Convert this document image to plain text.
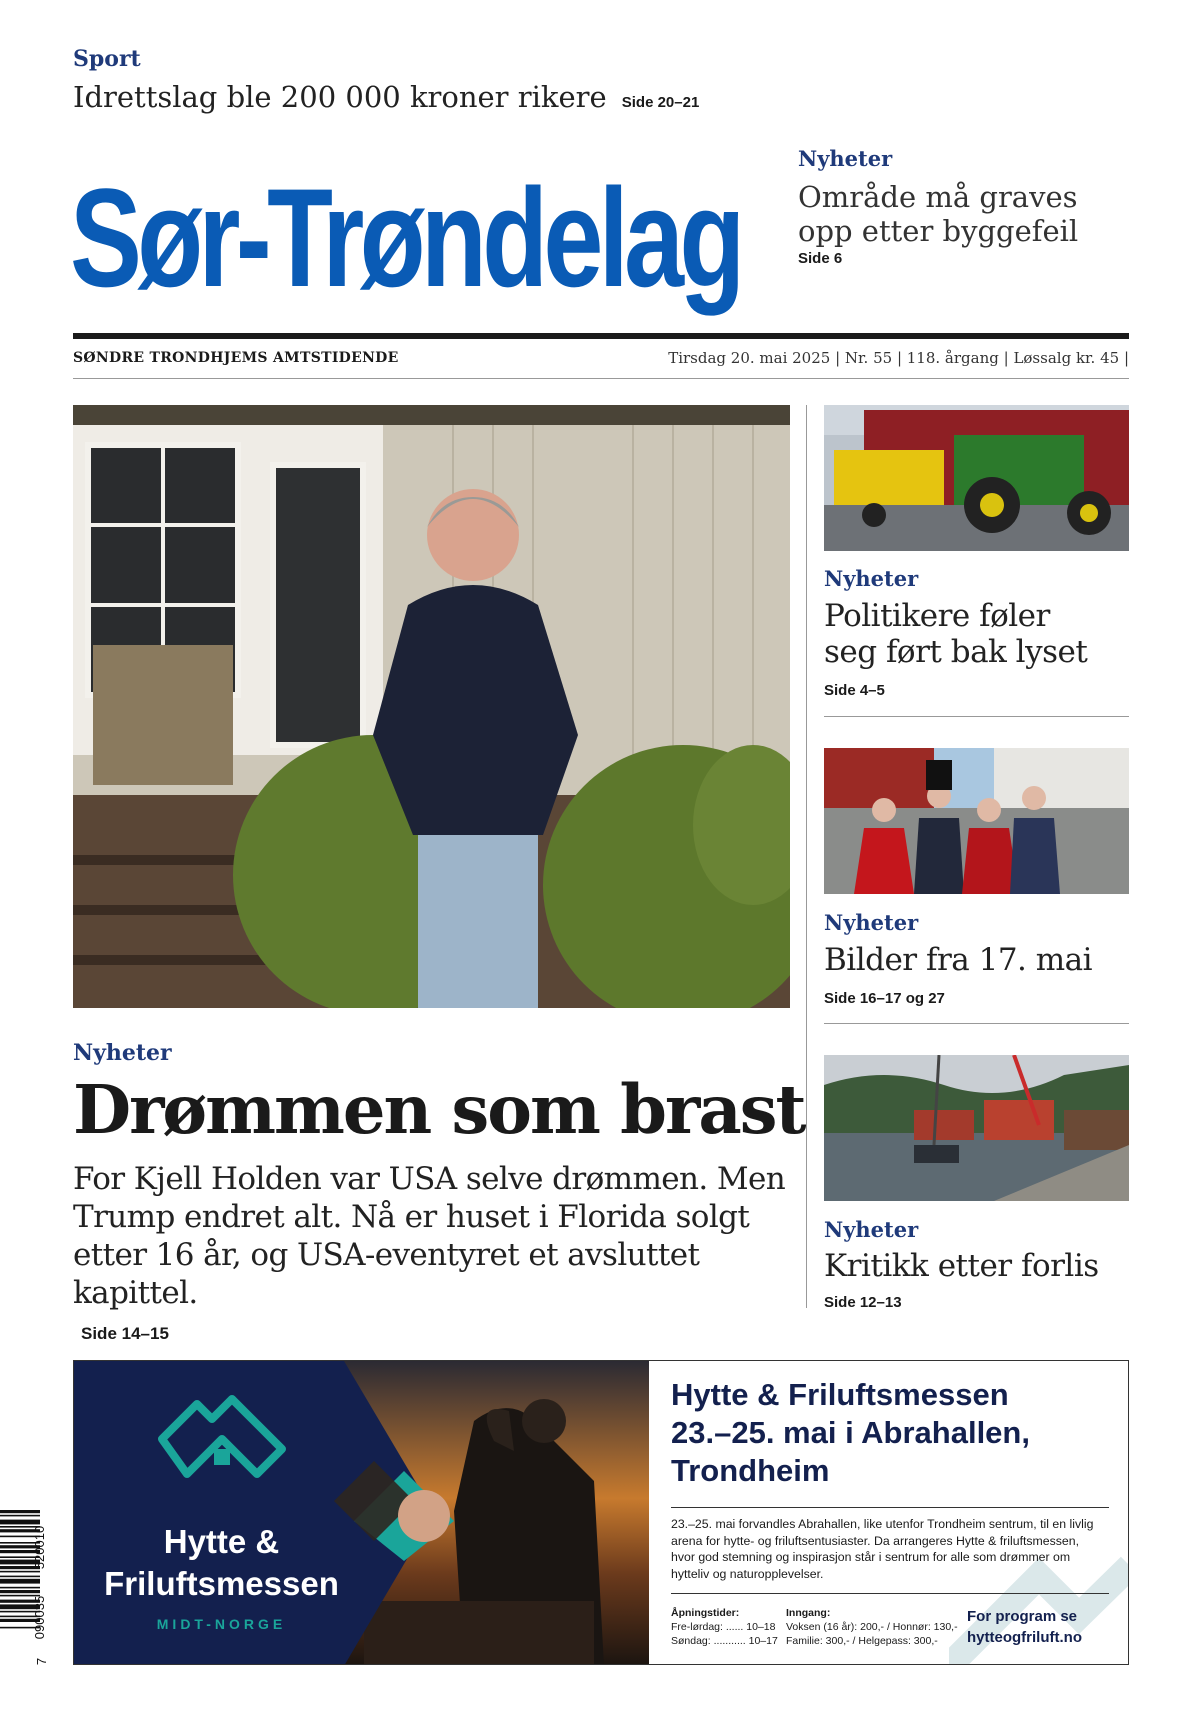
Sport
Idrettslag ble 200 000 kroner rikere Side 20–21
Sør-Trøndelag
Nyheter
Område må graves
opp etter byggefeil
Side 6
SØNDRE TRONDHJEMS AMTSTIDENDE	Tirsdag 20. mai 2025 | Nr. 55 | 118. årgang | Løssalg kr. 45 |
Nyheter
Drømmen som brast
For Kjell Holden var USA selve drømmen. Men Trump endret alt. Nå er huset i Florida solgt etter 16 år, og USA-eventyret et avsluttet kapittel.
Side 14–15
Nyheter
Politikere føler
seg ført bak lyset
Side 4–5
Nyheter
Bilder fra 17. mai
Side 16–17 og 27
Nyheter
Kritikk etter forlis
Side 12–13
Hytte &
Friluftsmessen
MIDT-NORGE
Hytte & Friluftsmessen
23.–25. mai i Abrahallen,
Trondheim
23.–25. mai forvandles Abrahallen, like utenfor Trondheim sentrum, til en livlig arena for hytte- og friluftsentusiaster. Da arrangeres Hytte & friluftsmessen, hvor god stemning og inspirasjon står i sentrum for alle som drømmer om hytteliv og naturopplevelser.
Åpningstider:
Fre-lørdag: ...... 10–18
Søndag: ........... 10–17
Inngang:
Voksen (16 år): 200,- / Honnør: 130,-
Familie: 300,- / Helgepass: 300,-
For program se
hytteogfriluft.no
520010
090035
7
